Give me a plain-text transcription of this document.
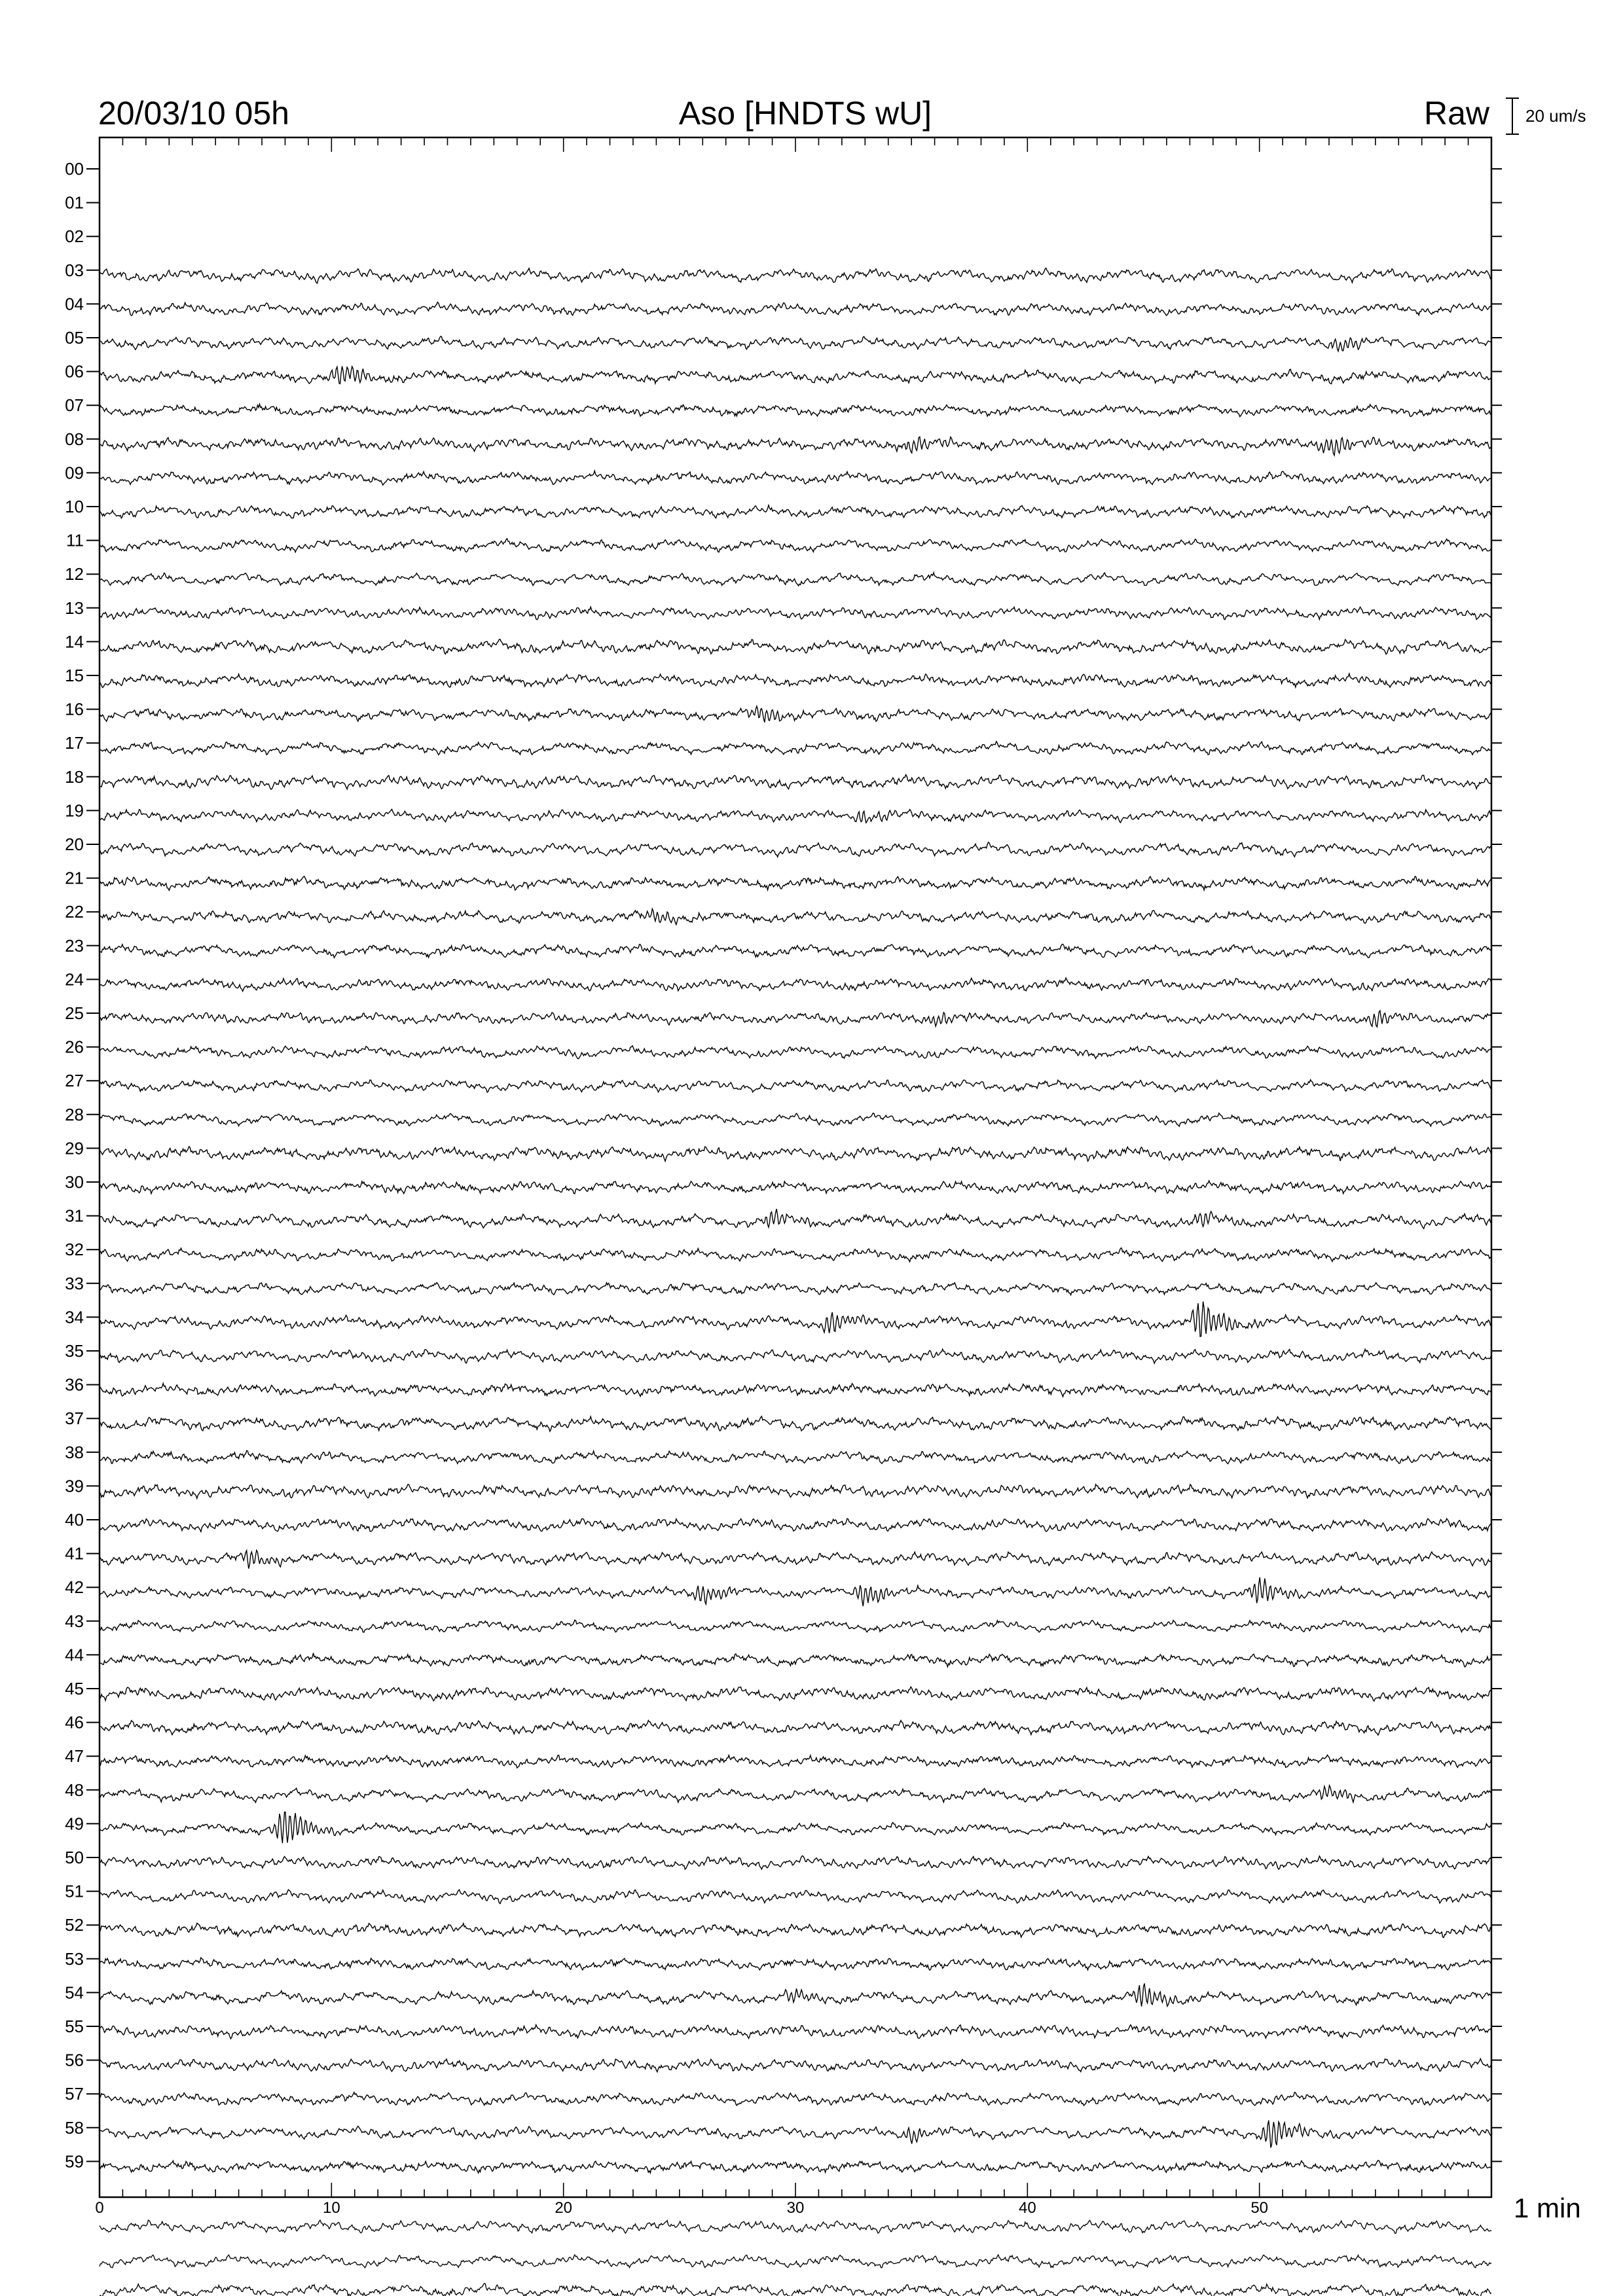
20/03/10 05h	Aso [HNDTS wU]	Raw 20 um/s
0	10	20	30	40	50
00
01
02
03
04
05
06
07
08
09
10
11
12
13
14
15
16
17
18
19
20
21
22
23
24
25
26
27
28
29
30
31
32
33
34
35
36
37
38
39
40
41
42
43
44
45
46
47
48
49
50
51
52
53
54
55
56
57
58
59
1 min
